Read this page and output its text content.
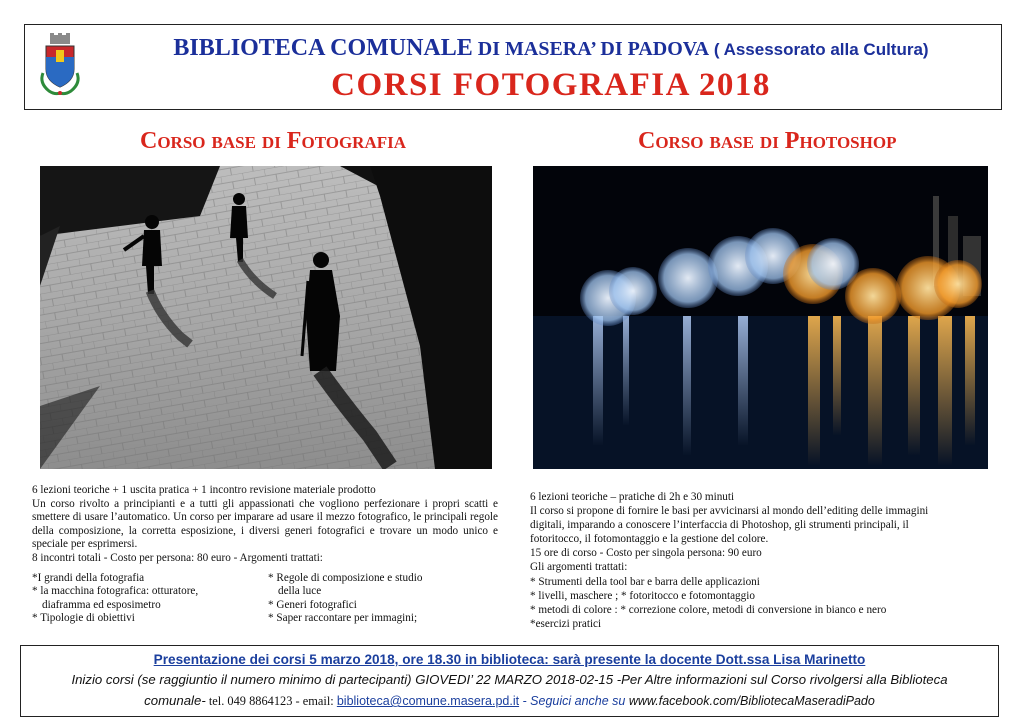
BIBLIOTECA COMUNALE DI MASERA’ DI PADOVA ( Assessorato alla Cultura)
CORSI FOTOGRAFIA 2018
Corso base di Fotografia	Corso base di Photoshop

6 lezioni teoriche + 1 uscita pratica + 1 incontro revisione materiale prodotto

Un corso rivolto a principianti e a tutti gli appassionati che vogliono perfezionare i propri scatti e smettere di usare l’automatico. Un corso per imparare ad usare il mezzo fotografico, le principali regole della composizione, la corretta esposizione, i diversi generi fotografici e trovare un modo unico e speciale per esprimersi.

8 incontri totali - Costo per persona: 80 euro - Argomenti trattati:

*I grandi della fotografia
* la macchina fotografica: otturatore,
diaframma ed esposimetro
* Tipologie di obiettivi
* Regole di composizione e studio
della luce
* Generi fotografici
* Saper raccontare per immagini;

6 lezioni teoriche – pratiche di 2h e 30 minuti

Il corso si propone di fornire le basi per avvicinarsi al mondo dell’editing delle immagini

digitali, imparando a conoscere l’interfaccia di Photoshop, gli strumenti principali, il

fotoritocco, il fotomontaggio e la gestione del colore.

15 ore di corso - Costo per singola persona: 90 euro

Gli argomenti trattati:

* Strumenti della tool bar e barra delle applicazioni

* livelli, maschere ; * fotoritocco e fotomontaggio

* metodi di colore : * correzione colore, metodi di conversione in bianco e nero

*esercizi pratici

Presentazione dei corsi 5 marzo 2018, ore 18.30 in biblioteca: sarà presente la docente Dott.ssa Lisa Marinetto
Inizio corsi (se raggiuntio il numero minimo di partecipanti) GIOVEDI’ 22 MARZO 2018-02-15 -Per Altre informazioni sul Corso rivolgersi alla Biblioteca
comunale- tel. 049 8864123 - email: biblioteca@comune.masera.pd.it - Seguici anche su www.facebook.com/BibliotecaMaseradiPado
